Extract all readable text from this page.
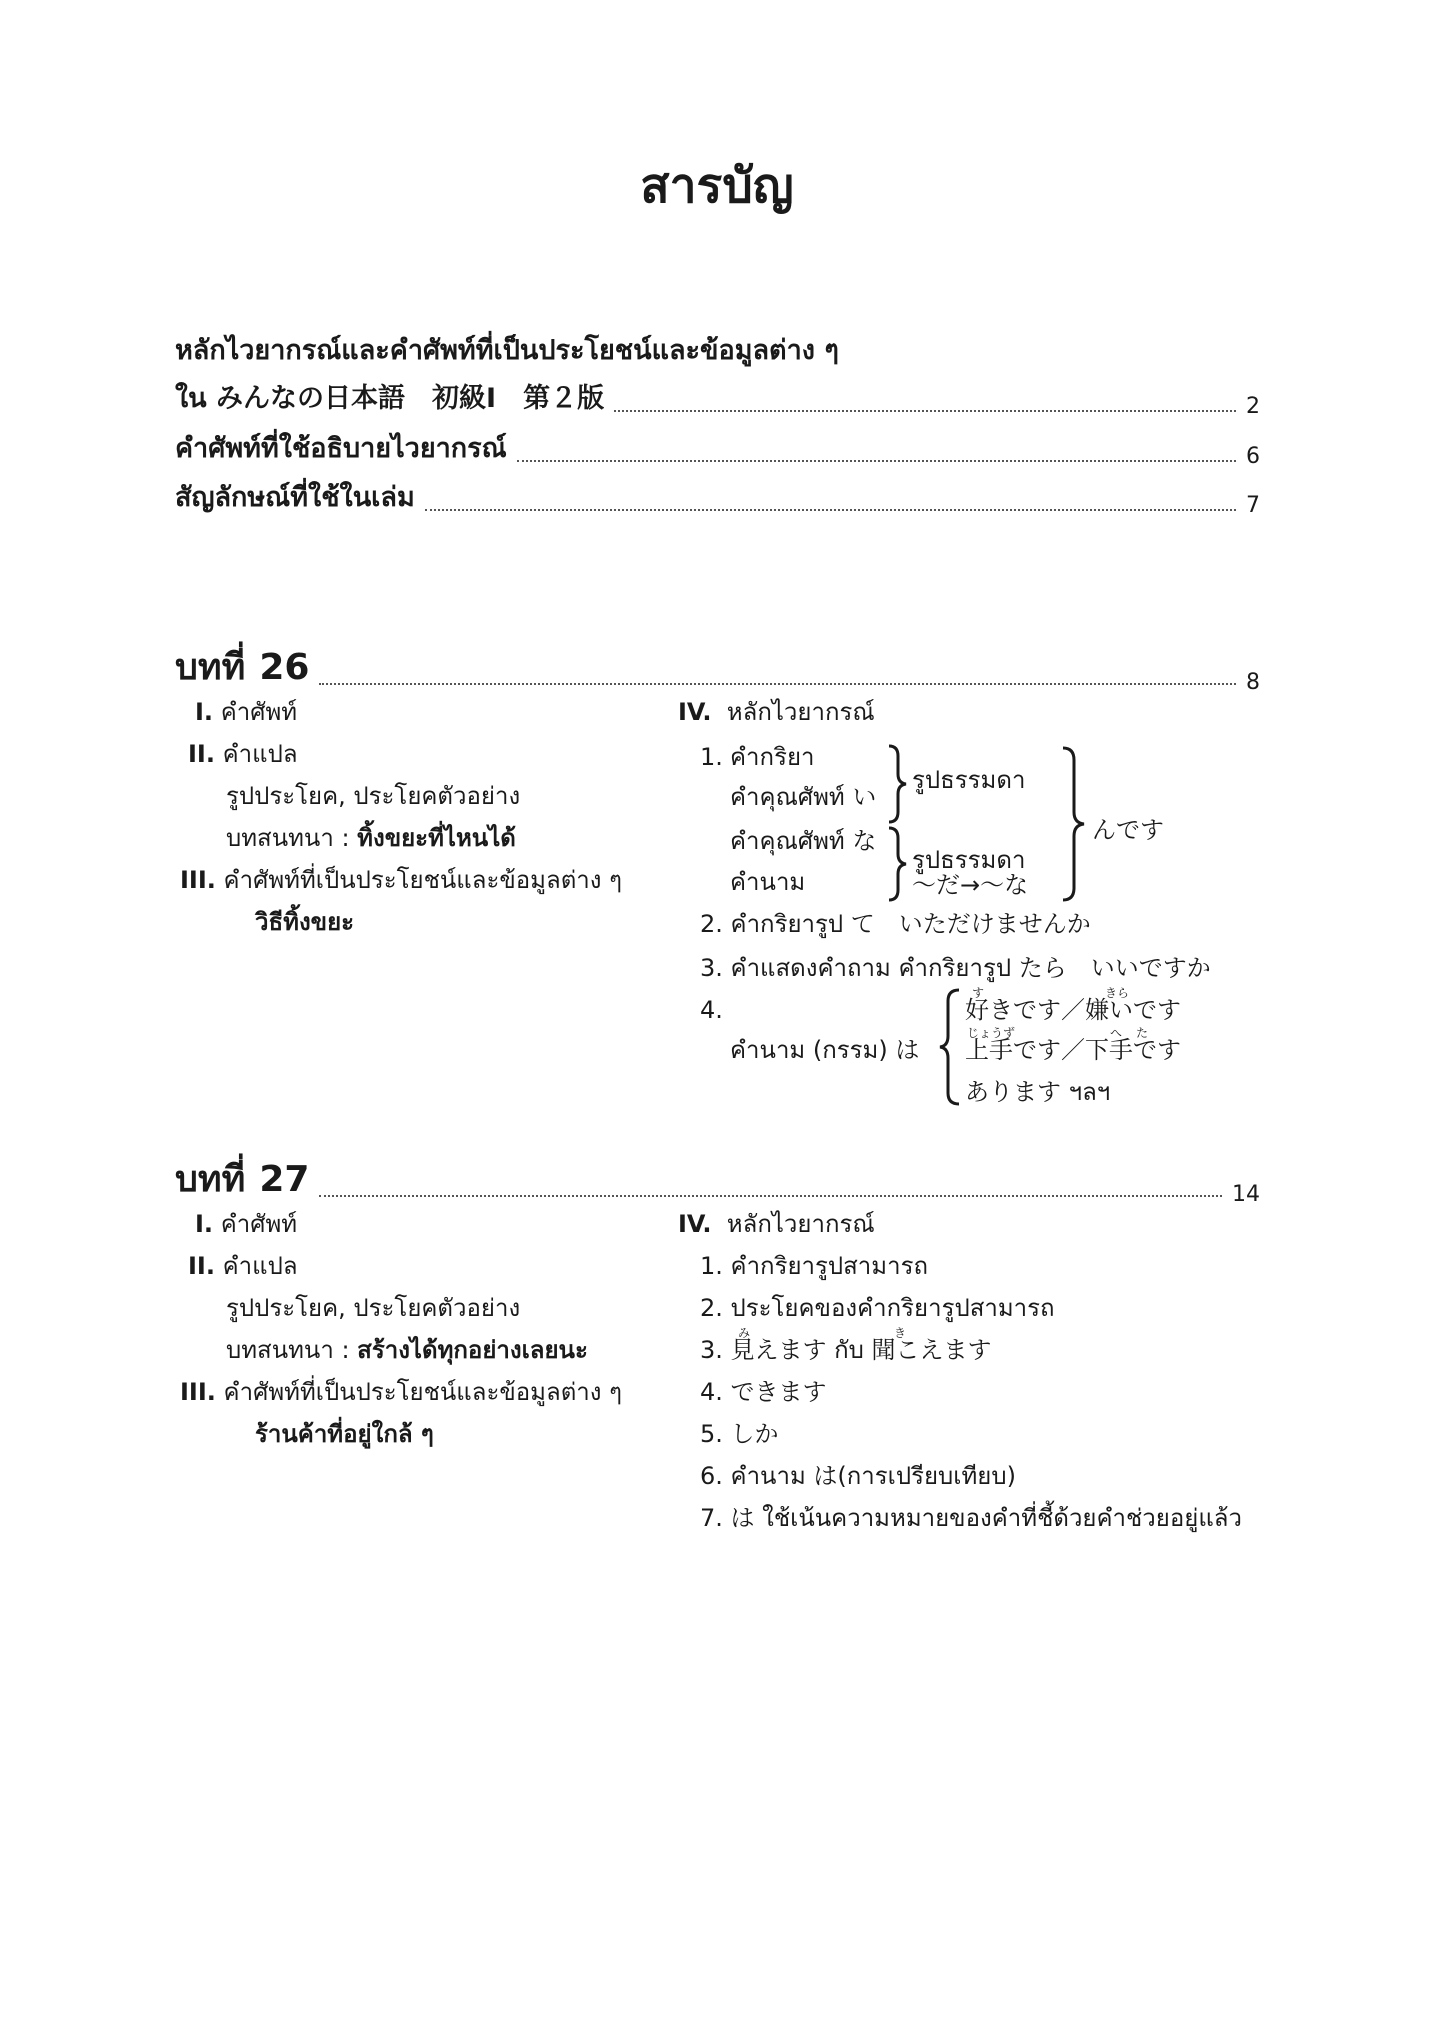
สารบัญ
หลักไวยากรณ์และคำศัพท์ที่เป็นประโยชน์และข้อมูลต่าง ๆ
ใน みんなの日本語　初級Ⅰ　第２版	2
คำศัพท์ที่ใช้อธิบายไวยากรณ์	6
สัญลักษณ์ที่ใช้ในเล่ม	7
บทที่ 26	8
I. คำศัพท์
II. คำแปล
รูปประโยค, ประโยคตัวอย่าง
บทสนทนา : ทิ้งขยะที่ไหนได้
III. คำศัพท์ที่เป็นประโยชน์และข้อมูลต่าง ๆ
วิธีทิ้งขยะ
IV. หลักไวยากรณ์
1. คำกริยา
คำคุณศัพท์ い
คำคุณศัพท์ な
คำนาม
รูปธรรมดา
รูปธรรมดา
～だ→～な
んです
2. คำกริยารูป て　いただけませんか
3. คำแสดงคำถาม คำกริยารูป たら　いいですか
4.
คำนาม (กรรม) は
す	きら
好きです／嫌いです
じょうず	へ た
上手です／下手です
あります ฯลฯ
บทที่ 27	14
I. คำศัพท์
II. คำแปล
รูปประโยค, ประโยคตัวอย่าง
บทสนทนา : สร้างได้ทุกอย่างเลยนะ
III. คำศัพท์ที่เป็นประโยชน์และข้อมูลต่าง ๆ
ร้านค้าที่อยู่ใกล้ ๆ
IV. หลักไวยากรณ์
1. คำกริยารูปสามารถ
2. ประโยคของคำกริยารูปสามารถ
み	き
3. 見えます กับ 聞こえます
4. できます
5. しか
6. คำนาม は(การเปรียบเทียบ)
7. は ใช้เน้นความหมายของคำที่ชี้ด้วยคำช่วยอยู่แล้ว
